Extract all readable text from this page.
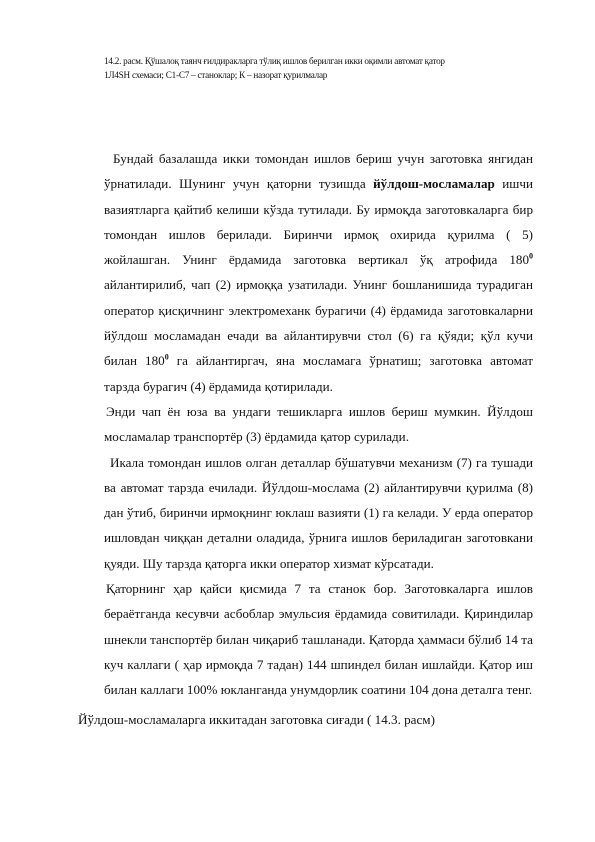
14.2. расм. Қўшалоқ таянч ғилдиракларга тўлиқ ишлов берилган икки оқимли автомат қатор
1Л4SН схемаси; С1-С7 – станоклар; К – назорат қурилмалар

Бундай базалашда икки томондан ишлов бериш учун заготовка янгидан ўрнатилади. Шунинг учун қаторни тузишда йўлдош-мосламалар ишчи вазиятларга қайтиб келиши кўзда тутилади. Бу ирмоқда заготовкаларга бир томондан ишлов берилади. Биринчи ирмоқ охирида қурилма ( 5) жойлашган. Унинг ёрдамида заготовка вертикал ўқ атрофида $180^0$ айлантирилиб, чап (2) ирмоққа узатилади. Унинг бошланишида турадиган оператор қисқичнинг электромеханк бурагичи (4) ёрдамида заготовкаларни йўлдош мосламадан ечади ва айлантирувчи стол (6) га қўяди; қўл кучи билан $180^0$ га айлантиргач, яна мосламага ўрнатиш; заготовка автомат тарзда бурагич (4) ёрдамида қотирилади.

Энди чап ён юза ва ундаги тешикларга ишлов бериш мумкин. Йўлдош мосламалар транспортёр (3) ёрдамида қатор сурилади.

Икала томондан ишлов олган деталлар бўшатувчи механизм (7) га тушади ва автомат тарзда ечилади. Йўлдош-мослама (2) айлантирувчи қурилма (8) дан ўтиб, биринчи ирмоқнинг юклаш вазияти (1) га келади. У ерда оператор ишловдан чиққан детални оладида, ўрнига ишлов бериладиган заготовкани қуяди. Шу тарзда қаторга икки оператор хизмат кўрсатади.

Қаторнинг ҳар қайси қисмида 7 та станок бор. Заготовкаларга ишлов бераётганда кесувчи асбоблар эмульсия ёрдамида совитилади. Қириндилар шнекли танспортёр билан чиқариб ташланади. Қаторда ҳаммаси бўлиб 14 та куч каллаги ( ҳар ирмоқда 7 тадан) 144 шпиндел билан ишлайди. Қатор иш билан каллаги 100% юкланганда унумдорлик соатини 104 дона деталга тенг.

Йўлдош-мосламаларга иккитадан заготовка сиғади ( 14.3. расм)
